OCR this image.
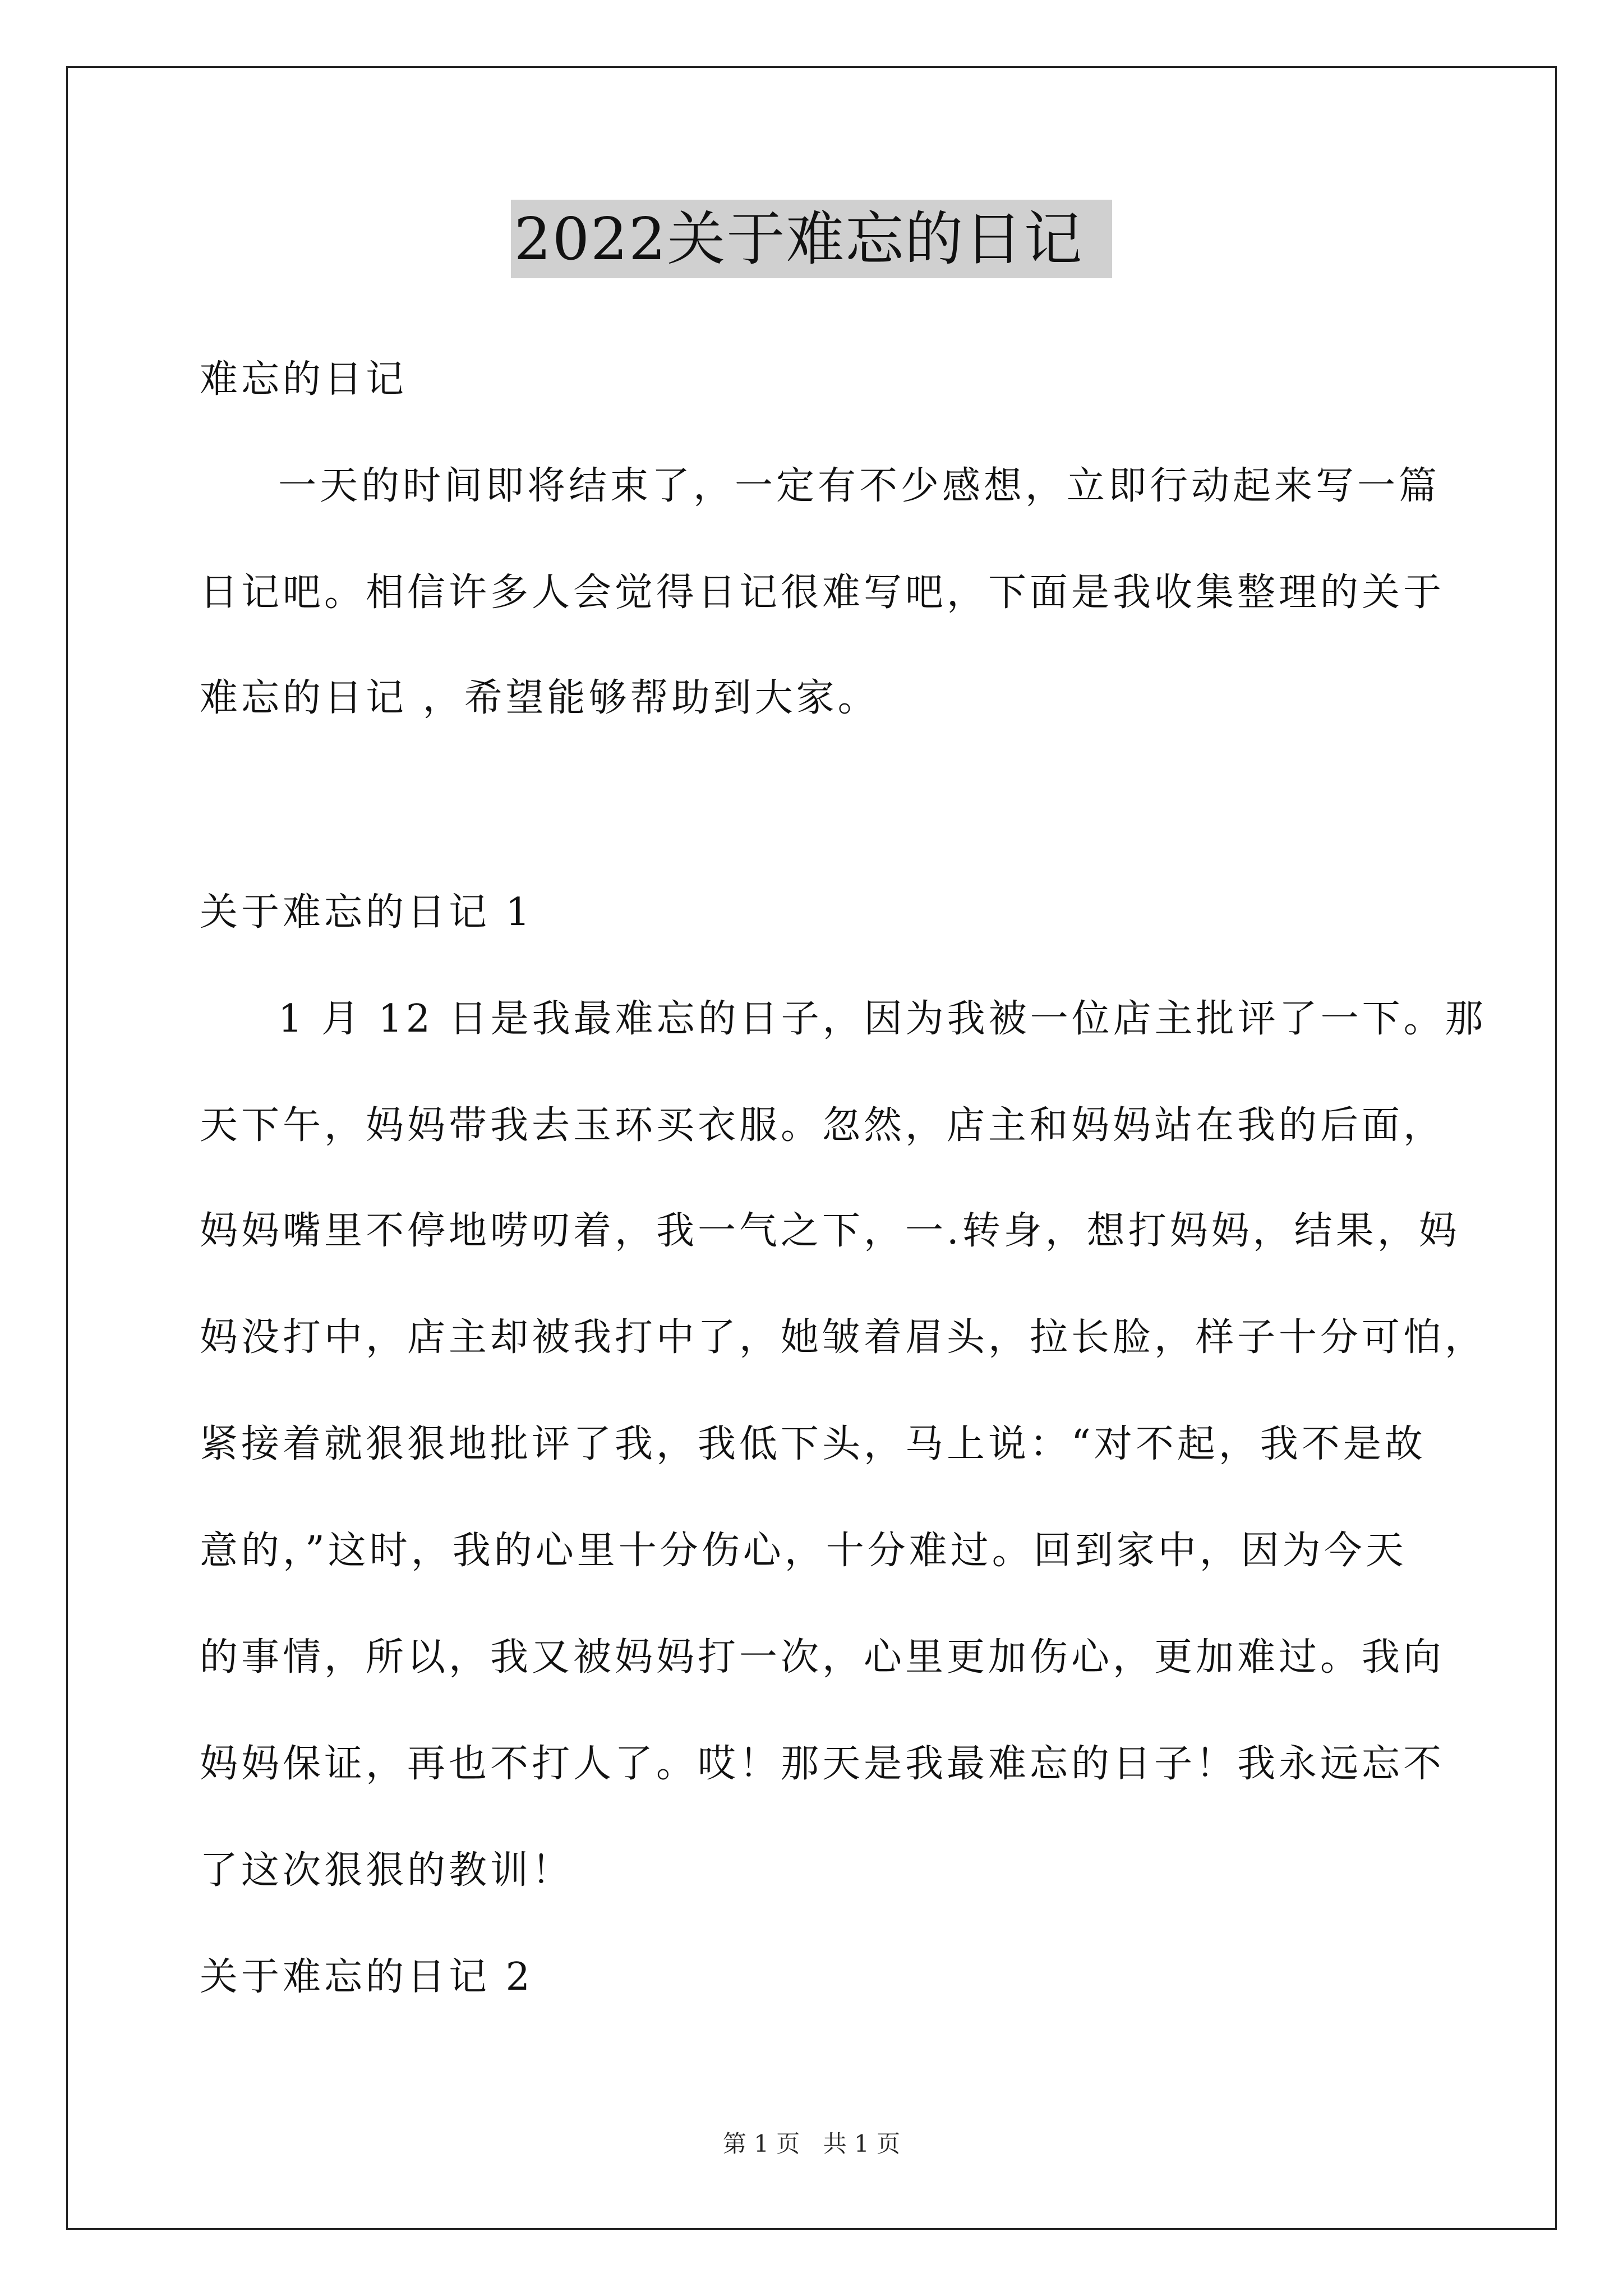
2022关于难忘的日记
难忘的日记
一天的时间即将结束了，一定有不少感想，立即行动起来写一篇
日记吧。相信许多人会觉得日记很难写吧，下面是我收集整理的关于
难忘的日记 ，希望能够帮助到大家。
关于难忘的日记 1
1 月 12 日是我最难忘的日子，因为我被一位店主批评了一下。那
天下午，妈妈带我去玉环买衣服。忽然，店主和妈妈站在我的后面，
妈妈嘴里不停地唠叨着，我一气之下，一.转身，想打妈妈，结果，妈
妈没打中，店主却被我打中了，她皱着眉头，拉长脸，样子十分可怕，
紧接着就狠狠地批评了我，我低下头，马上说：“对不起，我不是故
意的，”这时，我的心里十分伤心，十分难过。回到家中，因为今天
的事情，所以，我又被妈妈打一次，心里更加伤心，更加难过。我向
妈妈保证，再也不打人了。哎！那天是我最难忘的日子！我永远忘不
了这次狠狠的教训！
关于难忘的日记 2
第 1 页 共 1 页
